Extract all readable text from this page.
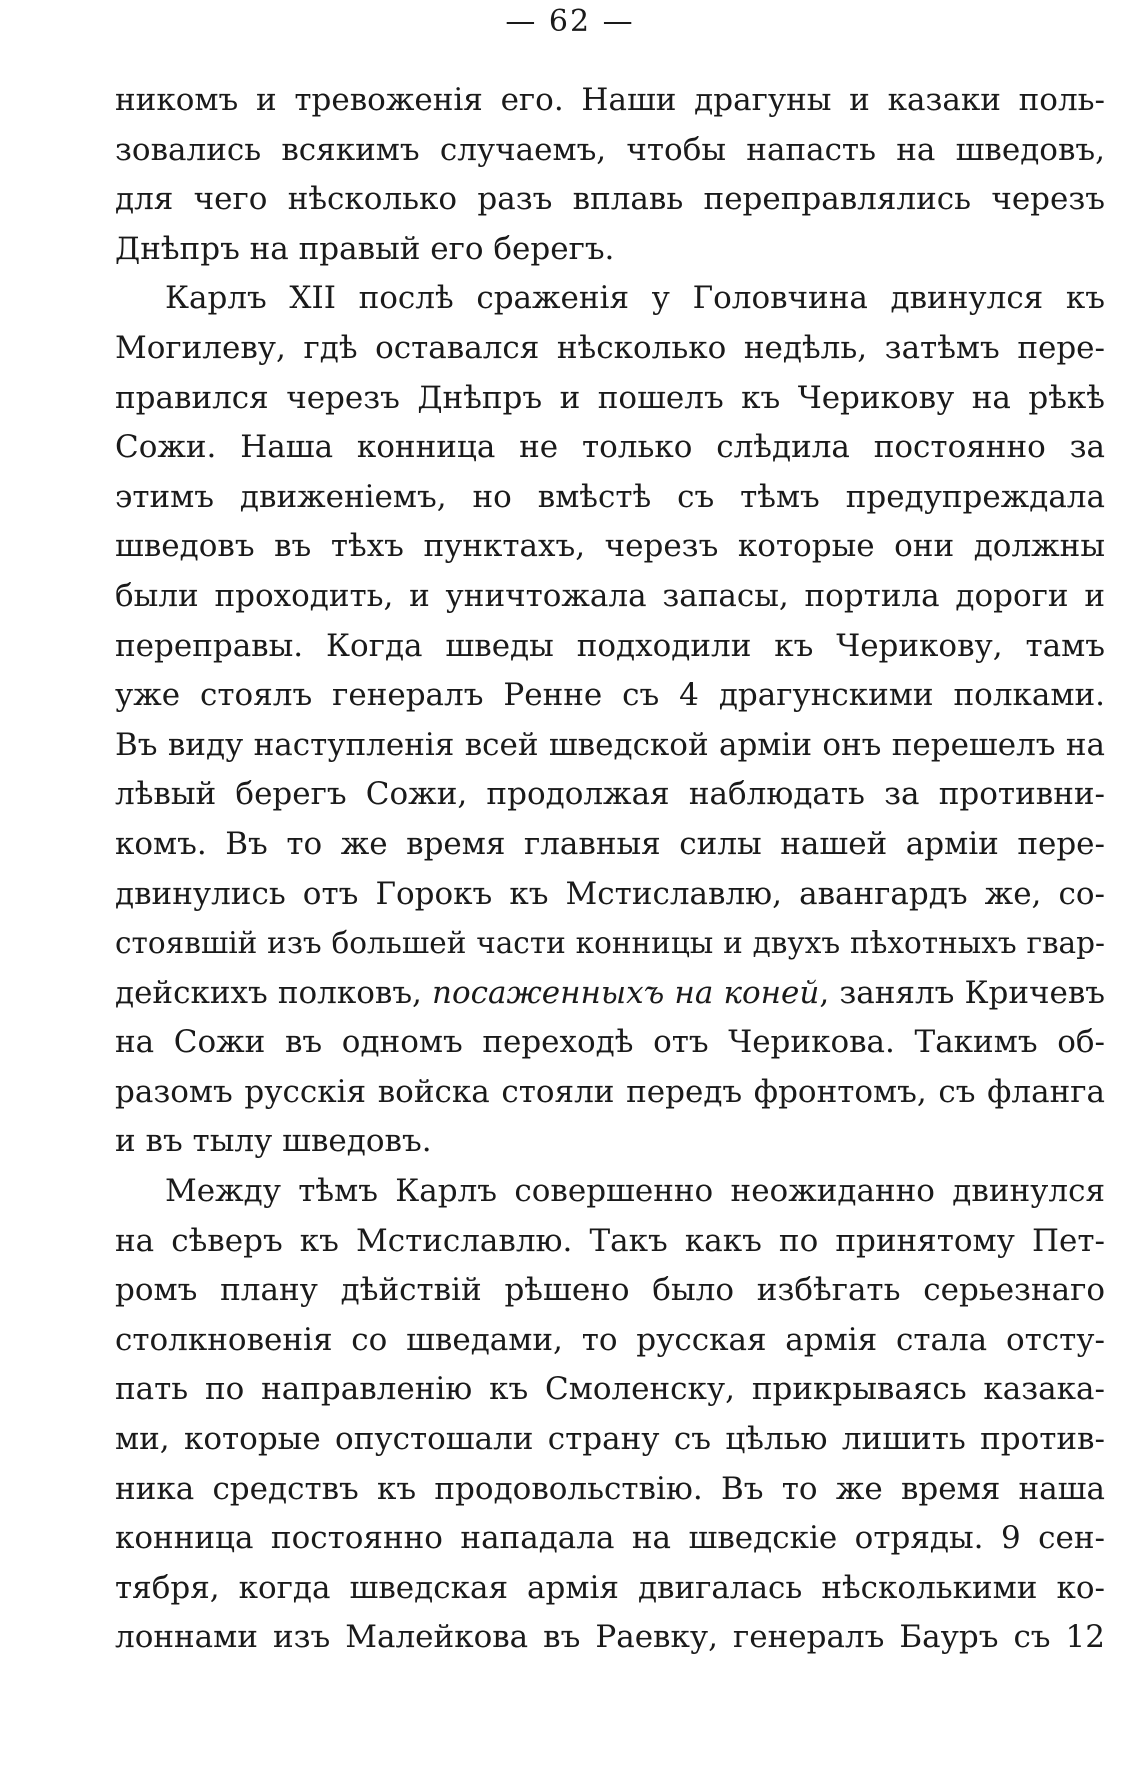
— 62 —
никомъ и тревоженія его. Наши драгуны и казаки поль-
зовались всякимъ случаемъ, чтобы напасть на шведовъ,
для чего нѣсколько разъ вплавь переправлялись черезъ
Днѣпръ на правый его берегъ.
Карлъ XII послѣ сраженія у Головчина двинулся къ
Могилеву, гдѣ оставался нѣсколько недѣль, затѣмъ пере-
правился черезъ Днѣпръ и пошелъ къ Черикову на рѣкѣ
Сожи. Наша конница не только слѣдила постоянно за
этимъ движеніемъ, но вмѣстѣ съ тѣмъ предупреждала
шведовъ въ тѣхъ пунктахъ, черезъ которые они должны
были проходить, и уничтожала запасы, портила дороги и
переправы. Когда шведы подходили къ Черикову, тамъ
уже стоялъ генералъ Ренне съ 4 драгунскими полками.
Въ виду наступленія всей шведской арміи онъ перешелъ на
лѣвый берегъ Сожи, продолжая наблюдать за противни-
комъ. Въ то же время главныя силы нашей арміи пере-
двинулись отъ Горокъ къ Мстиславлю, авангардъ же, со-
стоявшій изъ большей части конницы и двухъ пѣхотныхъ гвар-
дейскихъ полковъ, посаженныхъ на коней, занялъ Кричевъ
на Сожи въ одномъ переходѣ отъ Черикова. Такимъ об-
разомъ русскія войска стояли передъ фронтомъ, съ фланга
и въ тылу шведовъ.
Между тѣмъ Карлъ совершенно неожиданно двинулся
на сѣверъ къ Мстиславлю. Такъ какъ по принятому Пет-
ромъ плану дѣйствій рѣшено было избѣгать серьезнаго
столкновенія со шведами, то русская армія стала отсту-
пать по направленію къ Смоленску, прикрываясь казака-
ми, которые опустошали страну съ цѣлью лишить против-
ника средствъ къ продовольствію. Въ то же время наша
конница постоянно нападала на шведскіе отряды. 9 сен-
тября, когда шведская армія двигалась нѣсколькими ко-
лоннами изъ Малейкова въ Раевку, генералъ Бауръ съ 12
